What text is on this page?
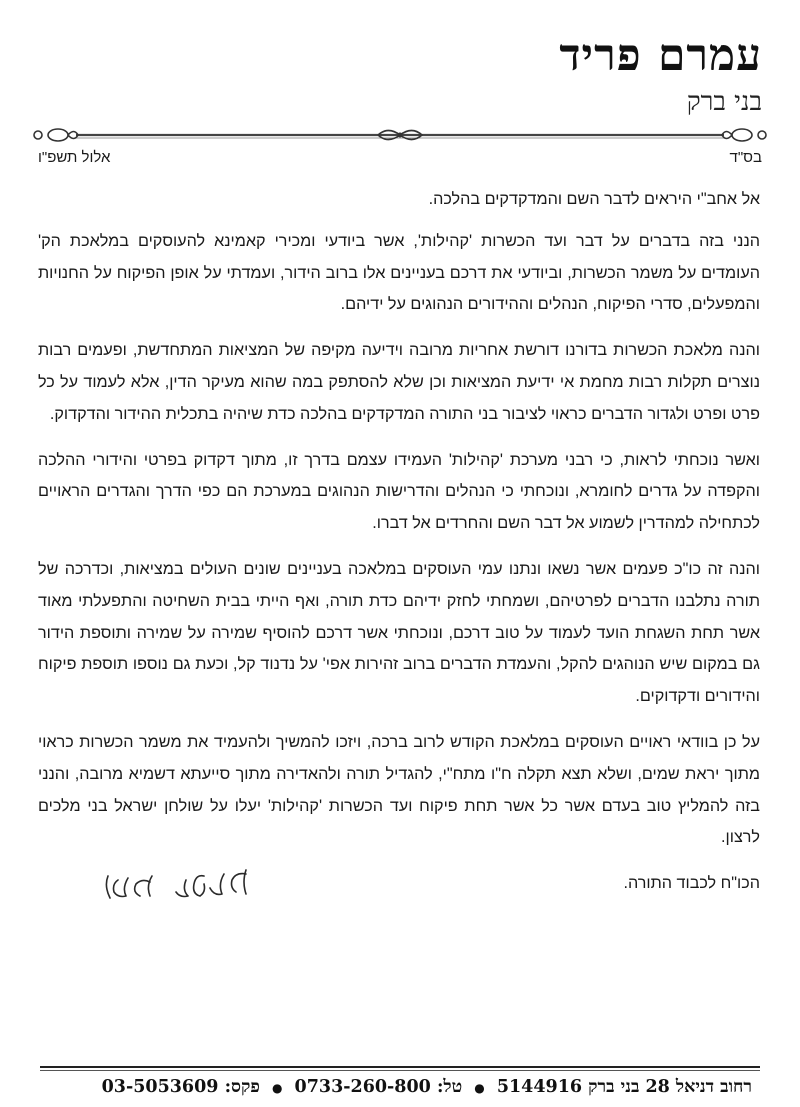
עמרם פריד
בני ברק
בס"ד
אלול תשפ"ו

אל אחב"י היראים לדבר השם והמדקדקים בהלכה.

הנני בזה בדברים על דבר ועד הכשרות 'קהילות', אשר ביודעי ומכירי קאמינא להעוסקים במלאכת הק' העומדים על משמר הכשרות, וביודעי את דרכם בעניינים אלו ברוב הידור, ועמדתי על אופן הפיקוח על החנויות והמפעלים, סדרי הפיקוח, הנהלים וההידורים הנהוגים על ידיהם.

והנה מלאכת הכשרות בדורנו דורשת אחריות מרובה וידיעה מקיפה של המציאות המתחדשת, ופעמים רבות נוצרים תקלות רבות מחמת אי ידיעת המציאות וכן שלא להסתפק במה שהוא מעיקר הדין, אלא לעמוד על כל פרט ופרט ולגדור הדברים כראוי לציבור בני התורה המדקדקים בהלכה כדת שיהיה בתכלית ההידור והדקדוק.

ואשר נוכחתי לראות, כי רבני מערכת 'קהילות' העמידו עצמם בדרך זו, מתוך דקדוק בפרטי והידורי ההלכה והקפדה על גדרים לחומרא, ונוכחתי כי הנהלים והדרישות הנהוגים במערכת הם כפי הדרך והגדרים הראויים לכתחילה למהדרין לשמוע אל דבר השם והחרדים אל דברו.

והנה זה כו"כ פעמים אשר נשאו ונתנו עמי העוסקים במלאכה בעניינים שונים העולים במציאות, וכדרכה של תורה נתלבנו הדברים לפרטיהם, ושמחתי לחזק ידיהם כדת תורה, ואף הייתי בבית השחיטה והתפעלתי מאוד אשר תחת השגחת הועד לעמוד על טוב דרכם, ונוכחתי אשר דרכם להוסיף שמירה על שמירה ותוספת הידור גם במקום שיש הנוהגים להקל, והעמדת הדברים ברוב זהירות אפי' על נדנוד קל, וכעת גם נוספו תוספת פיקוח והידורים ודקדוקים.

על כן בוודאי ראויים העוסקים במלאכת הקודש לרוב ברכה, ויזכו להמשיך ולהעמיד את משמר הכשרות כראוי מתוך יראת שמים, ושלא תצא תקלה ח"ו מתח"י, להגדיל תורה ולהאדירה מתוך סייעתא דשמיא מרובה, והנני בזה להמליץ טוב בעדם אשר כל אשר תחת פיקוח ועד הכשרות 'קהילות' יעלו על שולחן ישראל בני מלכים לרצון.

הכו"ח לכבוד התורה.

רחוב דניאל 28 בני ברק 5144916 ● טל: 0733-260-800 ● פקס: 03-5053609
